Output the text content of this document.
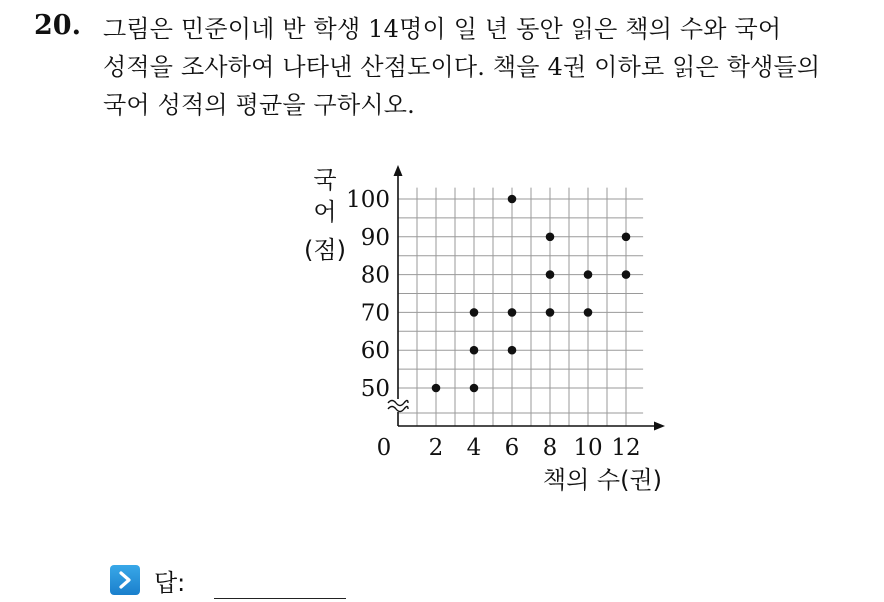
20. 그림은 민준이네 반 학생 14명이 일 년 동안 읽은 책의 수와 국어
성적을 조사하여 나타낸 산점도이다. 책을 4권 이하로 읽은 학생들의
국어 성적의 평균을 구하시오.
50
60
70
80
90
100
2 4 6 8 10 12
0
책의 수(권)
국
어
(점)
답:
